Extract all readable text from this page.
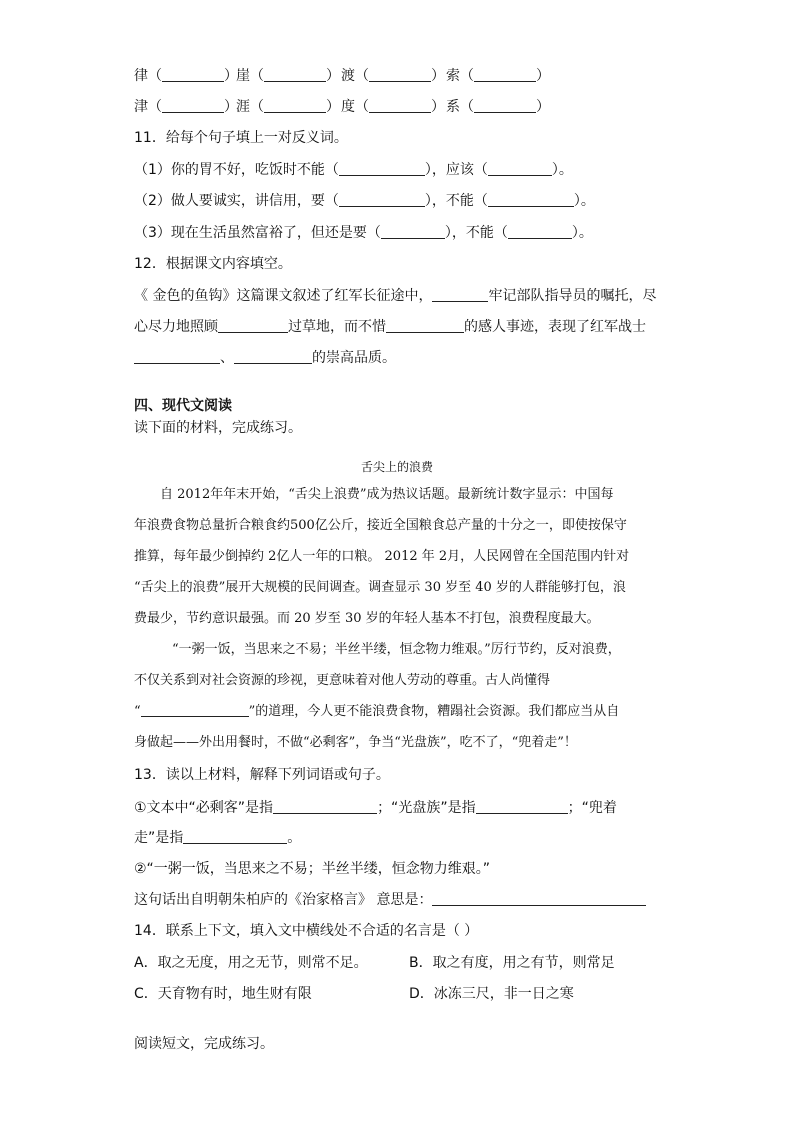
律（	）崖（	）渡（	）索（	）
津（	）涯（	）度（	）系（	）
11．给每个句子填上一对反义词。
（1）你的胃不好，吃饭时不能（	），应该（	）。
（2）做人要诚实，讲信用，要（	），不能（	）。
（3）现在生活虽然富裕了，但还是要（	），不能（	）。
12．根据课文内容填空。
《 金色的鱼钩》这篇课文叙述了红军长征途中，	牢记部队指导员的嘱托，尽
心尽力地照顾	过草地，而不惜	的感人事迹，表现了红军战士
、	的崇高品质。
四、现代文阅读
读下面的材料，完成练习。
舌尖上的浪费
自 2012年年末开始，“舌尖上浪费”成为热议话题。最新统计数字显示：中国每
年浪费食物总量折合粮食约500亿公斤，接近全国粮食总产量的十分之一，即使按保守
推算，每年最少倒掉约 2亿人一年的口粮。 2012 年 2月，人民网曾在全国范围内针对
“舌尖上的浪费”展开大规模的民间调查。调查显示 30 岁至 40 岁的人群能够打包，浪
费最少，节约意识最强。而 20 岁至 30 岁的年轻人基本不打包，浪费程度最大。
“一粥一饭，当思来之不易；半丝半缕，恒念物力维艰。”厉行节约，反对浪费，
不仅关系到对社会资源的珍视，更意味着对他人劳动的尊重。古人尚懂得
“	”的道理，今人更不能浪费食物，糟蹋社会资源。我们都应当从自
身做起——外出用餐时，不做“必剩客”，争当“光盘族”，吃不了，“兜着走”！
13．读以上材料，解释下列词语或句子。
①文本中“必剩客”是指	；“光盘族”是指	；“兜着
走”是指	。
②“一粥一饭，当思来之不易；半丝半缕，恒念物力维艰。”
这句话出自明朝朱柏庐的《治家格言》 意思是：
14．联系上下文，填入文中横线处不合适的名言是（ ）
A．取之无度，用之无节，则常不足。	B．取之有度，用之有节，则常足
C．天育物有时，地生财有限	D．冰冻三尺，非一日之寒
阅读短文，完成练习。
